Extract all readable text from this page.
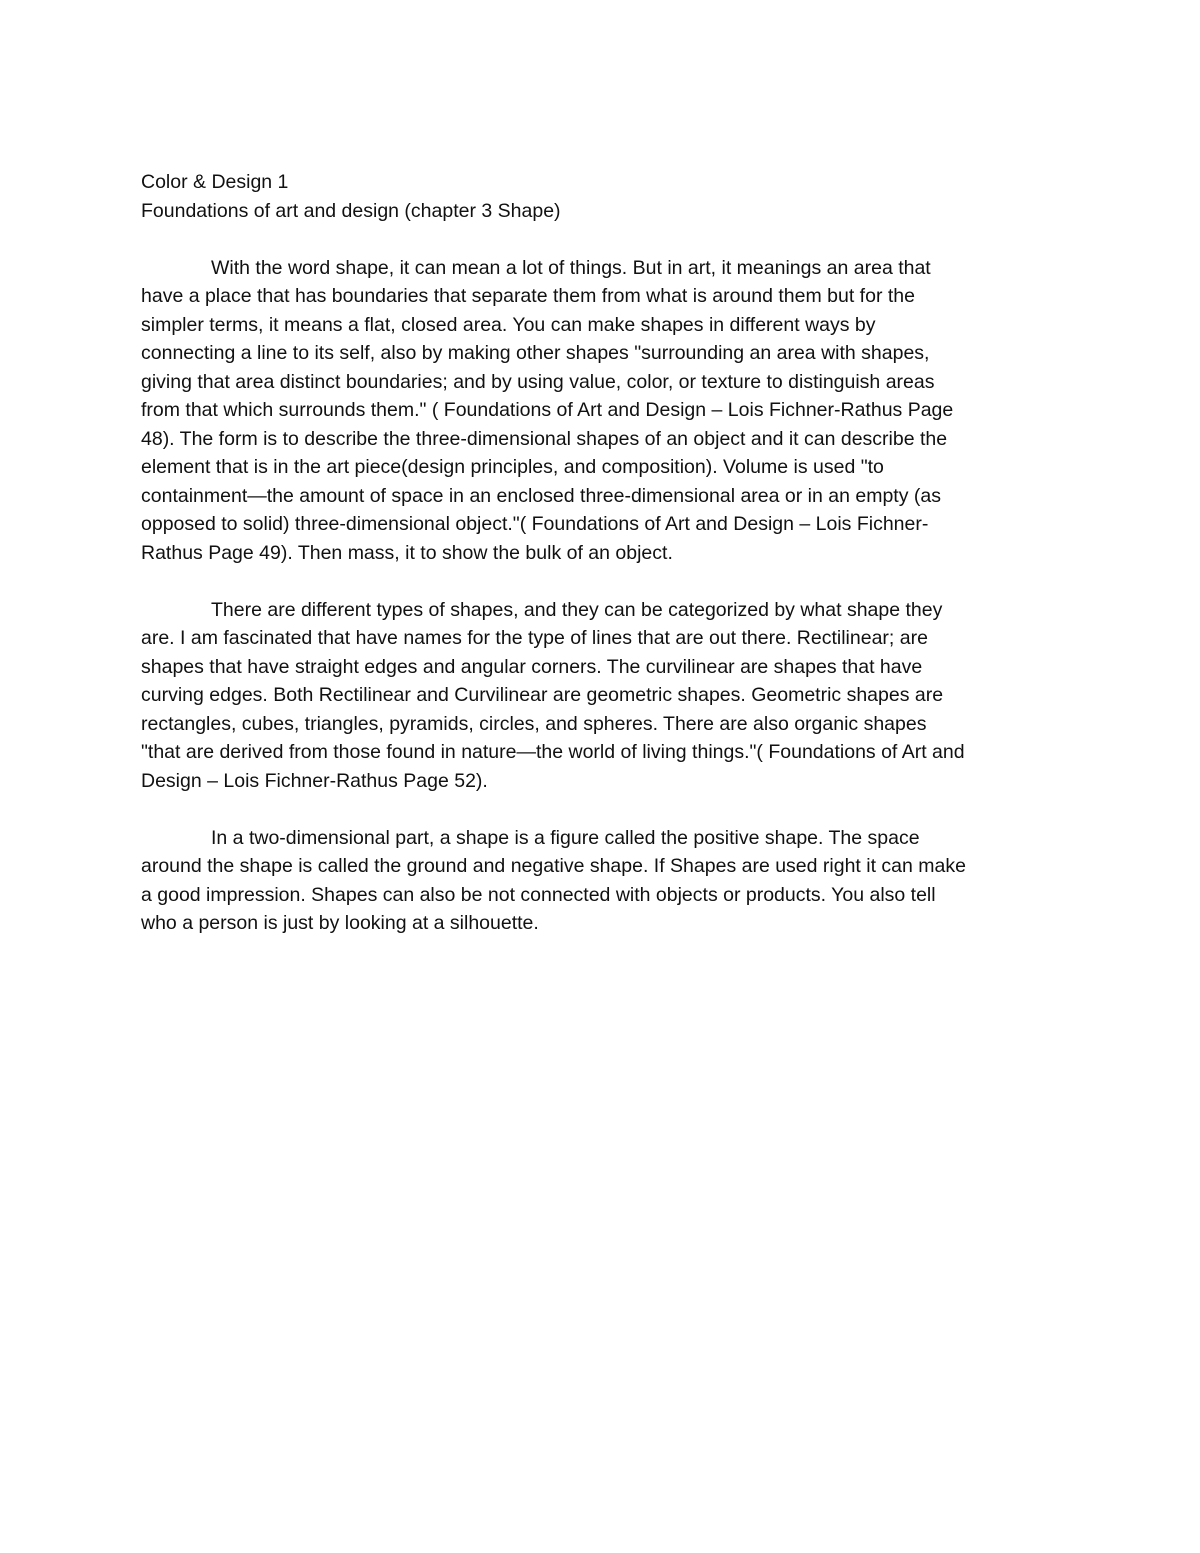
Color & Design 1
Foundations of art and design (chapter 3 Shape)
With the word shape, it can mean a lot of things. But in art, it meanings an area that
have a place that has boundaries that separate them from what is around them but for the
simpler terms, it means a flat, closed area. You can make shapes in different ways by
connecting a line to its self, also by making other shapes "surrounding an area with shapes,
giving that area distinct boundaries; and by using value, color, or texture to distinguish areas
from that which surrounds them." ( Foundations of Art and Design – Lois Fichner-Rathus Page
48). The form is to describe the three-dimensional shapes of an object and it can describe the
element that is in the art piece(design principles, and composition). Volume is used "to
containment—the amount of space in an enclosed three-dimensional area or in an empty (as
opposed to solid) three-dimensional object."( Foundations of Art and Design – Lois Fichner-
Rathus Page 49). Then mass, it to show the bulk of an object.
There are different types of shapes, and they can be categorized by what shape they
are. I am fascinated that have names for the type of lines that are out there. Rectilinear; are
shapes that have straight edges and angular corners. The curvilinear are shapes that have
curving edges. Both Rectilinear and Curvilinear are geometric shapes. Geometric shapes are
rectangles, cubes, triangles, pyramids, circles, and spheres. There are also organic shapes
"that are derived from those found in nature—the world of living things."( Foundations of Art and
Design – Lois Fichner-Rathus Page 52).
In a two-dimensional part, a shape is a figure called the positive shape. The space
around the shape is called the ground and negative shape. If Shapes are used right it can make
a good impression. Shapes can also be not connected with objects or products. You also tell
who a person is just by looking at a silhouette.
